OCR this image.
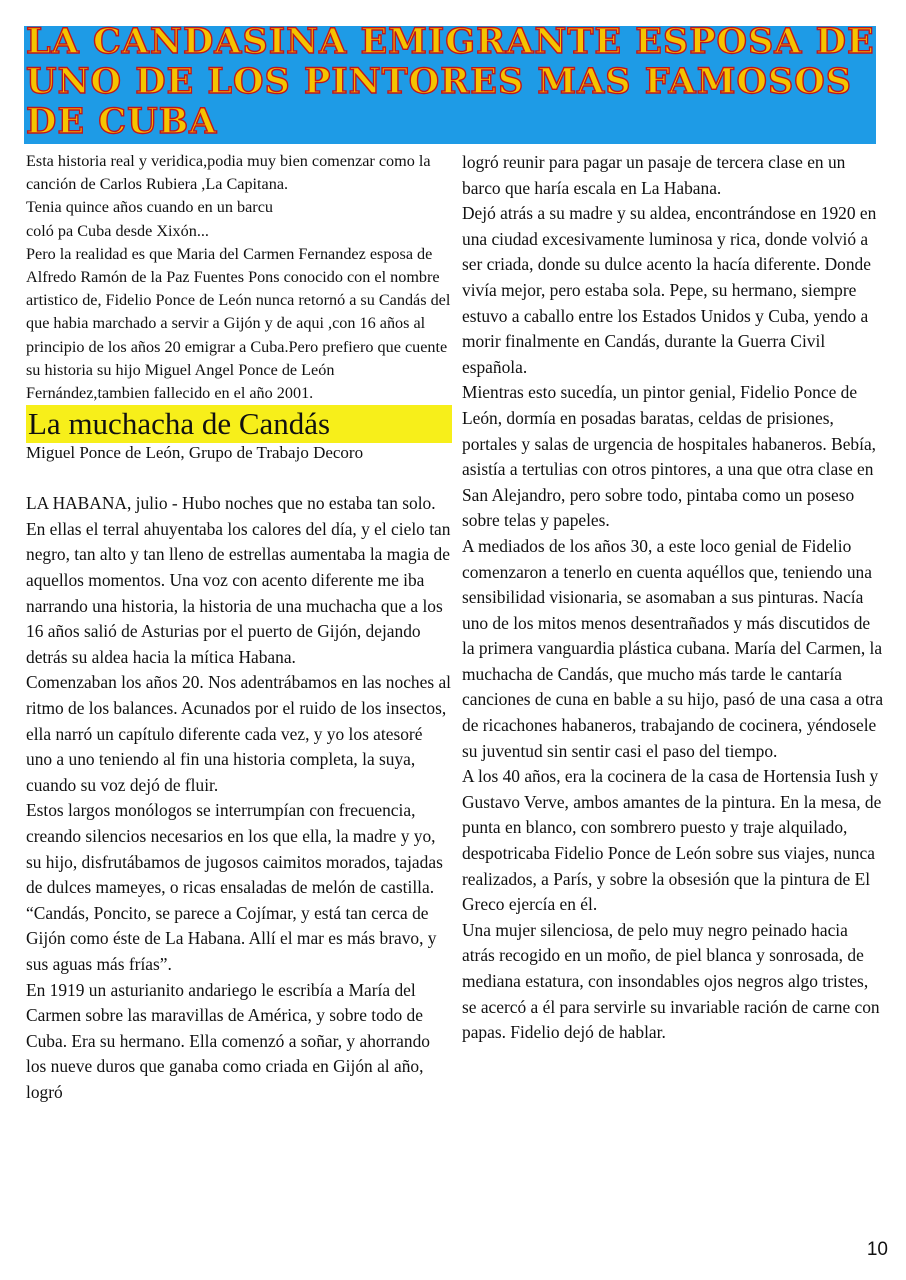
LA CANDASINA EMIGRANTE ESPOSA DE UNO DE LOS PINTORES MAS FAMOSOS DE CUBA

Esta historia real y veridica,podia muy bien comenzar como la canción de Carlos Rubiera ,La Capitana.

Tenia quince años cuando en un barcu

coló pa Cuba desde Xixón...

Pero la realidad es que Maria del Carmen Fernandez esposa de Alfredo Ramón de la Paz Fuentes Pons conocido con el nombre artistico de, Fidelio Ponce de León nunca retornó a su Candás del que habia marchado a servir a Gijón y de aqui ,con 16 años al principio de los años 20 emigrar a Cuba.Pero prefiero que cuente su historia su hijo Miguel Angel Ponce de León Fernández,tambien fallecido en el año 2001.

La muchacha de Candás

Miguel Ponce de León, Grupo de Trabajo Decoro

LA HABANA, julio - Hubo noches que no estaba tan solo. En ellas el terral ahuyentaba los calores del día, y el cielo tan negro, tan alto y tan lleno de estrellas aumentaba la magia de aquellos momentos. Una voz con acento diferente me iba narrando una historia, la historia de una muchacha que a los 16 años salió de Asturias por el puerto de Gijón, dejando detrás su aldea hacia la mítica Habana.

Comenzaban los años 20. Nos adentrábamos en las noches al ritmo de los balances. Acunados por el ruido de los insectos, ella narró un capítulo diferente cada vez, y yo los atesoré uno a uno teniendo al fin una historia completa, la suya, cuando su voz dejó de fluir.

Estos largos monólogos se interrumpían con frecuencia, creando silencios necesarios en los que ella, la madre y yo, su hijo, disfrutábamos de jugosos caimitos morados, tajadas de dulces mameyes, o ricas ensaladas de melón de castilla.

“Candás, Poncito, se parece a Cojímar, y está tan cerca de Gijón como éste de La Habana. Allí el mar es más bravo, y sus aguas más frías”.

En 1919 un asturianito andariego le escribía a María del Carmen sobre las maravillas de América, y sobre todo de Cuba. Era su hermano. Ella comenzó a soñar, y ahorrando los nueve duros que ganaba como criada en Gijón al año, logró

logró reunir para pagar un pasaje de tercera clase en un barco que haría escala en La Habana.

Dejó atrás a su madre y su aldea, encontrándose en 1920 en una ciudad excesivamente luminosa y rica, donde volvió a ser criada, donde su dulce acento la hacía diferente. Donde vivía mejor, pero estaba sola. Pepe, su hermano, siempre estuvo a caballo entre los Estados Unidos y Cuba, yendo a morir finalmente en Candás, durante la Guerra Civil española.

Mientras esto sucedía, un pintor genial, Fidelio Ponce de León, dormía en posadas baratas, celdas de prisiones, portales y salas de urgencia de hospitales habaneros. Bebía, asistía a tertulias con otros pintores, a una que otra clase en San Alejandro, pero sobre todo, pintaba como un poseso sobre telas y papeles.

A mediados de los años 30, a este loco genial de Fidelio comenzaron a tenerlo en cuenta aquéllos que, teniendo una sensibilidad visionaria, se asomaban a sus pinturas. Nacía uno de los mitos menos desentrañados y más discutidos de la primera vanguardia plástica cubana. María del Carmen, la muchacha de Candás, que mucho más tarde le cantaría canciones de cuna en bable a su hijo, pasó de una casa a otra de ricachones habaneros, trabajando de cocinera, yéndosele su juventud sin sentir casi el paso del tiempo.

A los 40 años, era la cocinera de la casa de Hortensia Iush y Gustavo Verve, ambos amantes de la pintura. En la mesa, de punta en blanco, con sombrero puesto y traje alquilado, despotricaba Fidelio Ponce de León sobre sus viajes, nunca realizados, a París, y sobre la obsesión que la pintura de El Greco ejercía en él.

Una mujer silenciosa, de pelo muy negro peinado hacia atrás recogido en un moño, de piel blanca y sonrosada, de mediana estatura, con insondables ojos negros algo tristes, se acercó a él para servirle su invariable ración de carne con papas. Fidelio dejó de hablar.

10
